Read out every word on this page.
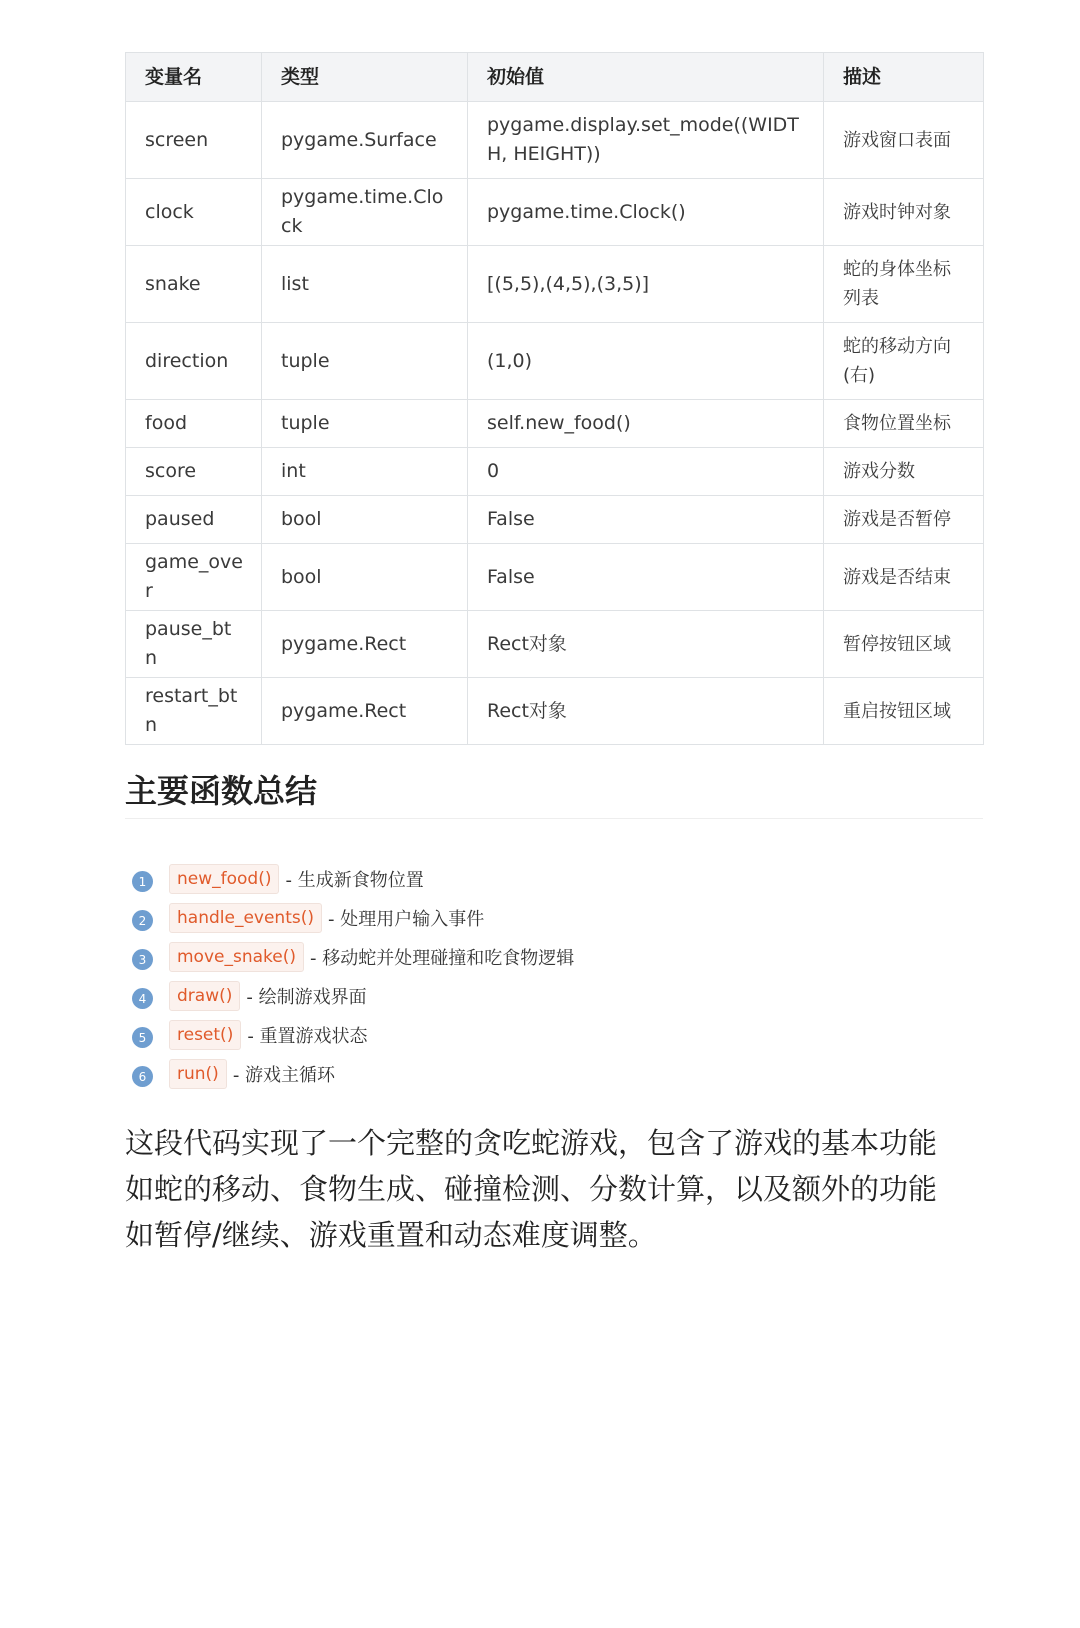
变量名	类型	初始值	描述
screen	pygame.Surface	pygame.display.set_mode((WIDTH, HEIGHT))	游戏窗口表面
clock	pygame.time.Clock	pygame.time.Clock()	游戏时钟对象
snake	list	[(5,5),(4,5),(3,5)]	蛇的身体坐标列表
direction	tuple	(1,0)	蛇的移动方向(右)
food	tuple	self.new_food()	食物位置坐标
score	int	0	游戏分数
paused	bool	False	游戏是否暂停
game_over	bool	False	游戏是否结束
pause_btn	pygame.Rect	Rect对象	暂停按钮区域
restart_btn	pygame.Rect	Rect对象	重启按钮区域
主要函数总结
1	new_food() - 生成新食物位置
2	handle_events() - 处理用户输入事件
3	move_snake() - 移动蛇并处理碰撞和吃食物逻辑
4	draw() - 绘制游戏界面
5	reset() - 重置游戏状态
6	run() - 游戏主循环

这段代码实现了一个完整的贪吃蛇游戏，包含了游戏的基本功能如蛇的移动、食物生成、碰撞检测、分数计算，以及额外的功能如暂停/继续、游戏重置和动态难度调整。
